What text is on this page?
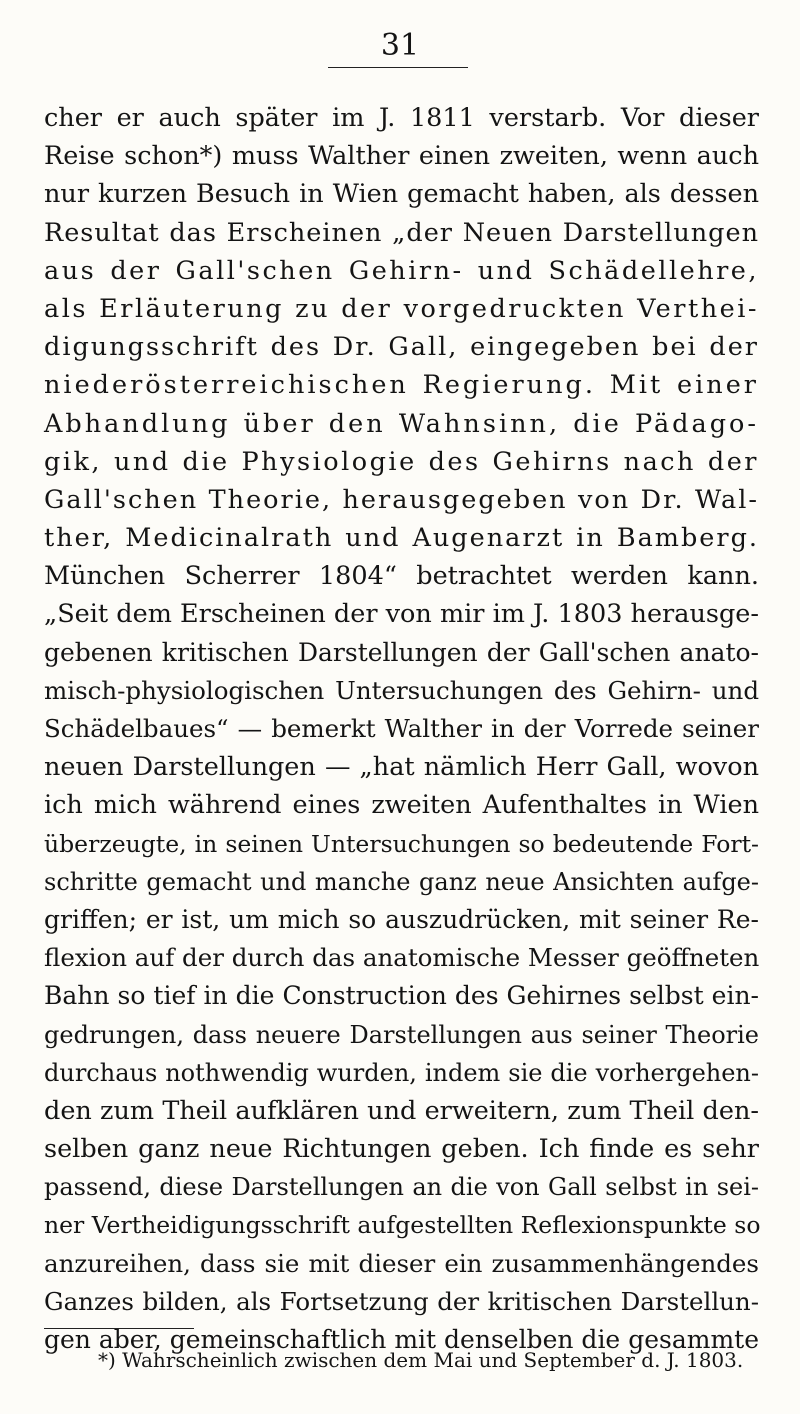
31
cher er auch später im J. 1811 verstarb. Vor dieser
Reise schon*) muss Walther einen zweiten, wenn auch
nur kurzen Besuch in Wien gemacht haben, als dessen
Resultat das Erscheinen „der Neuen Darstellungen
aus der Gall'schen Gehirn- und Schädellehre,
als Erläuterung zu der vorgedruckten Verthei-
digungsschrift des Dr. Gall, eingegeben bei der
niederösterreichischen Regierung. Mit einer
Abhandlung über den Wahnsinn, die Pädago-
gik, und die Physiologie des Gehirns nach der
Gall'schen Theorie, herausgegeben von Dr. Wal-
ther, Medicinalrath und Augenarzt in Bamberg.
München Scherrer 1804“ betrachtet werden kann.
„Seit dem Erscheinen der von mir im J. 1803 herausge-
gebenen kritischen Darstellungen der Gall'schen anato-
misch-physiologischen Untersuchungen des Gehirn- und
Schädelbaues“ — bemerkt Walther in der Vorrede seiner
neuen Darstellungen — „hat nämlich Herr Gall, wovon
ich mich während eines zweiten Aufenthaltes in Wien
überzeugte, in seinen Untersuchungen so bedeutende Fort-
schritte gemacht und manche ganz neue Ansichten aufge-
griffen; er ist, um mich so auszudrücken, mit seiner Re-
flexion auf der durch das anatomische Messer geöffneten
Bahn so tief in die Construction des Gehirnes selbst ein-
gedrungen, dass neuere Darstellungen aus seiner Theorie
durchaus nothwendig wurden, indem sie die vorhergehen-
den zum Theil aufklären und erweitern, zum Theil den-
selben ganz neue Richtungen geben. Ich finde es sehr
passend, diese Darstellungen an die von Gall selbst in sei-
ner Vertheidigungsschrift aufgestellten Reflexionspunkte so
anzureihen, dass sie mit dieser ein zusammenhängendes
Ganzes bilden, als Fortsetzung der kritischen Darstellun-
gen aber, gemeinschaftlich mit denselben die gesammte
*) Wahrscheinlich zwischen dem Mai und September d. J. 1803.
